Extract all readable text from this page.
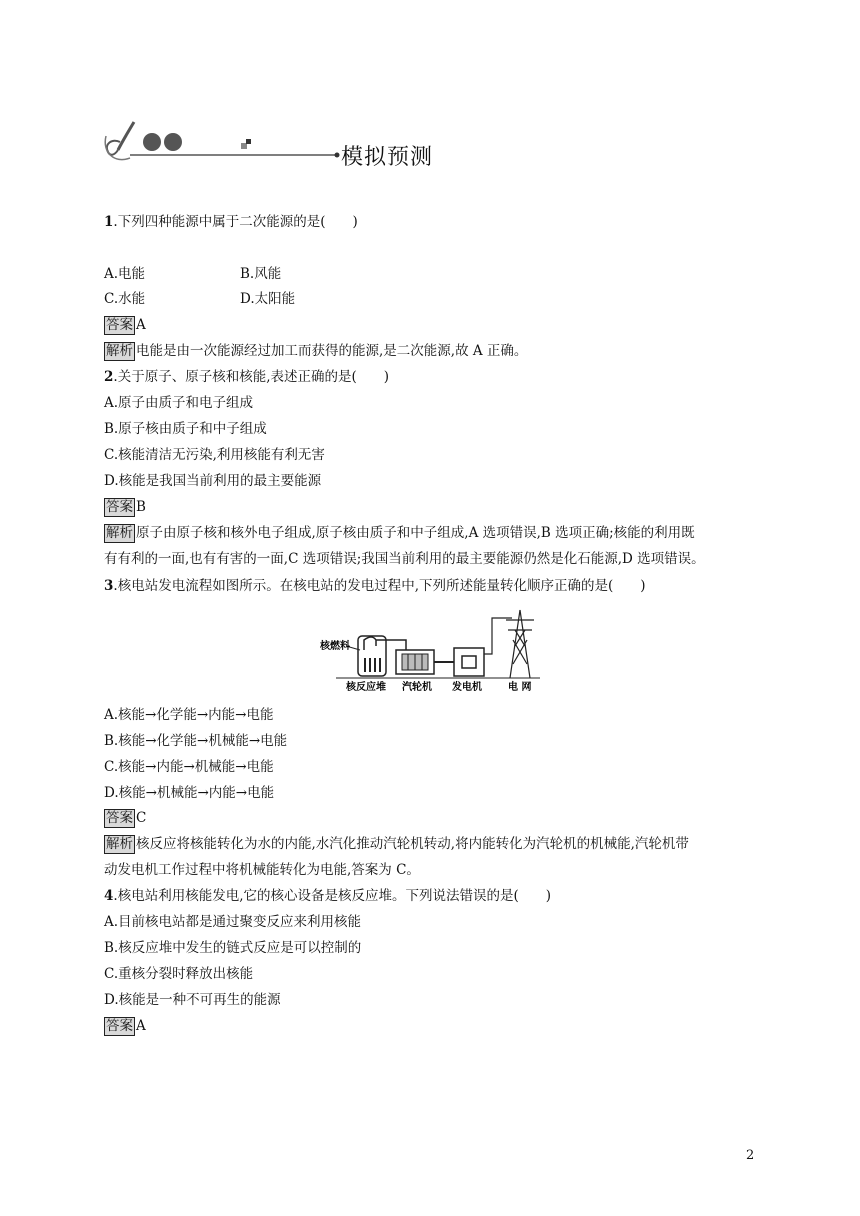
模拟预测
1.下列四种能源中属于二次能源的是(　　)
A.电能	B.风能
C.水能	D.太阳能
答案 A
解析 电能是由一次能源经过加工而获得的能源,是二次能源,故 A 正确。
2.关于原子、原子核和核能,表述正确的是(　　)
A.原子由质子和电子组成
B.原子核由质子和中子组成
C.核能清洁无污染,利用核能有利无害
D.核能是我国当前利用的最主要能源
答案 B
解析 原子由原子核和核外电子组成,原子核由质子和中子组成,A 选项错误,B 选项正确;核能的利用既
有有利的一面,也有有害的一面,C 选项错误;我国当前利用的最主要能源仍然是化石能源,D 选项错误。
3.核电站发电流程如图所示。在核电站的发电过程中,下列所述能量转化顺序正确的是(　　)
核燃料
核反应堆 汽轮机 发电机	电 网
A.核能→化学能→内能→电能
B.核能→化学能→机械能→电能
C.核能→内能→机械能→电能
D.核能→机械能→内能→电能
答案 C
解析 核反应将核能转化为水的内能,水汽化推动汽轮机转动,将内能转化为汽轮机的机械能,汽轮机带
动发电机工作过程中将机械能转化为电能,答案为 C。
4.核电站利用核能发电,它的核心设备是核反应堆。下列说法错误的是(　　)
A.目前核电站都是通过聚变反应来利用核能
B.核反应堆中发生的链式反应是可以控制的
C.重核分裂时释放出核能
D.核能是一种不可再生的能源
答案 A
2
